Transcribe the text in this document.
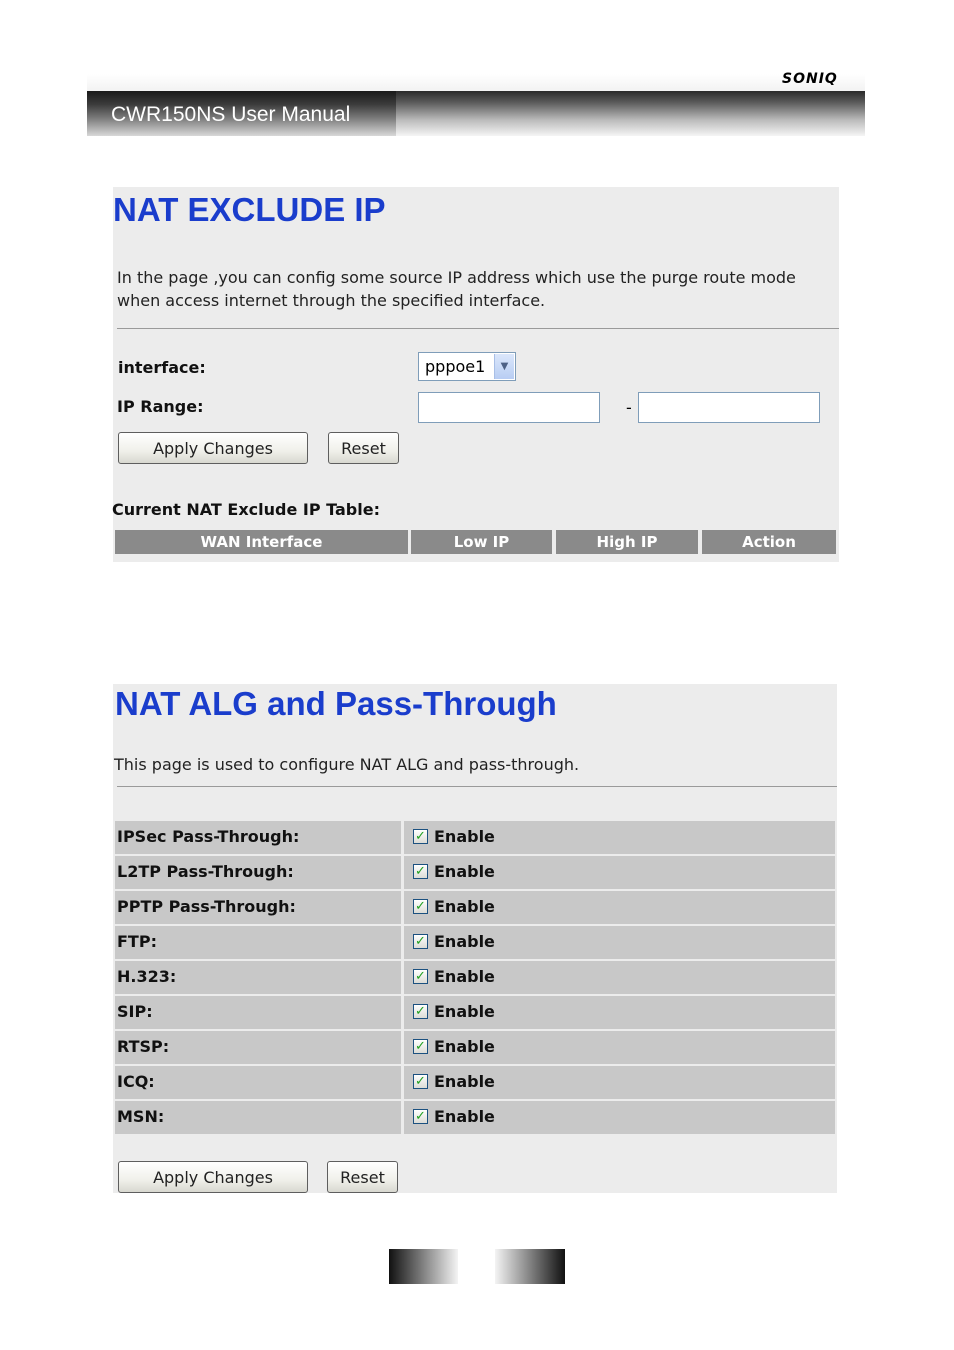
SONIQ
CWR150NS User Manual
NAT EXCLUDE IP
In the page ,you can config some source IP address which use the purge route mode when access internet through the specified interface.
interface:	pppoe1	▼
IP Range:	-
Apply Changes	Reset
Current NAT Exclude IP Table:
WAN Interface	Low IP	High IP	Action
NAT ALG and Pass-Through
This page is used to configure NAT ALG and pass-through.
IPSec Pass-Through:	✓ Enable
L2TP Pass-Through:	✓ Enable
PPTP Pass-Through:	✓ Enable
FTP:	✓ Enable
H.323:	✓ Enable
SIP:	✓ Enable
RTSP:	✓ Enable
ICQ:	✓ Enable
MSN:	✓ Enable
Apply Changes	Reset
